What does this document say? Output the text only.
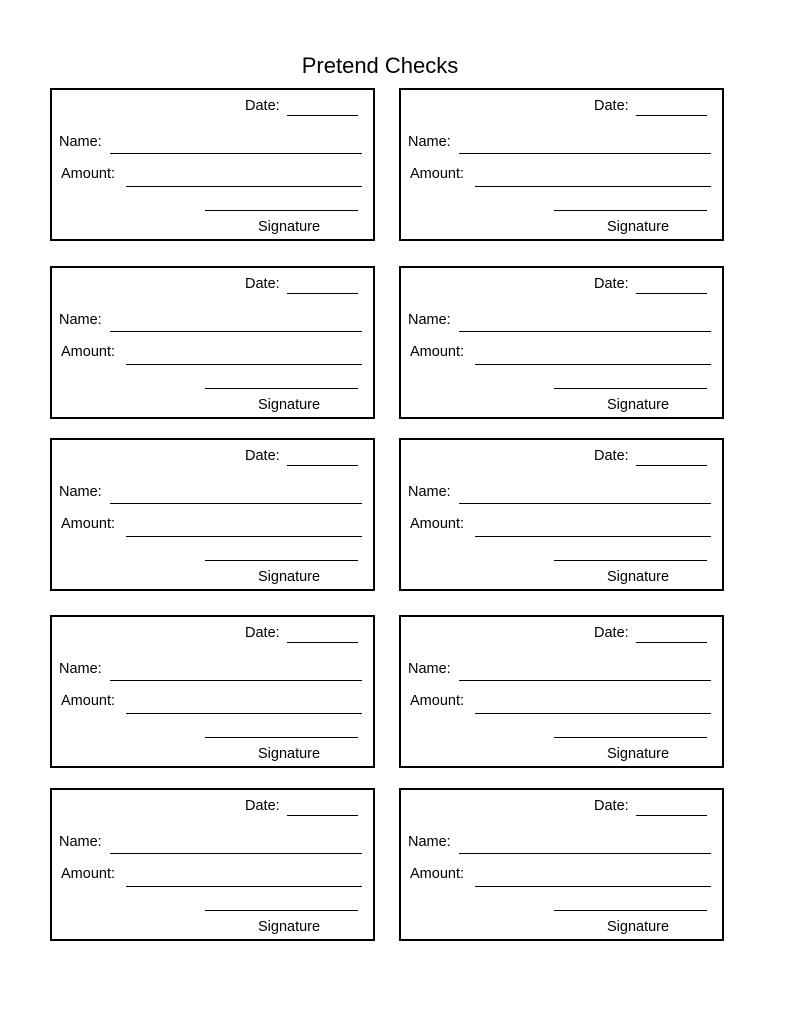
Pretend Checks
Date:
Name:
Amount:
Signature
Date:
Name:
Amount:
Signature
Date:
Name:
Amount:
Signature
Date:
Name:
Amount:
Signature
Date:
Name:
Amount:
Signature
Date:
Name:
Amount:
Signature
Date:
Name:
Amount:
Signature
Date:
Name:
Amount:
Signature
Date:
Name:
Amount:
Signature
Date:
Name:
Amount:
Signature
